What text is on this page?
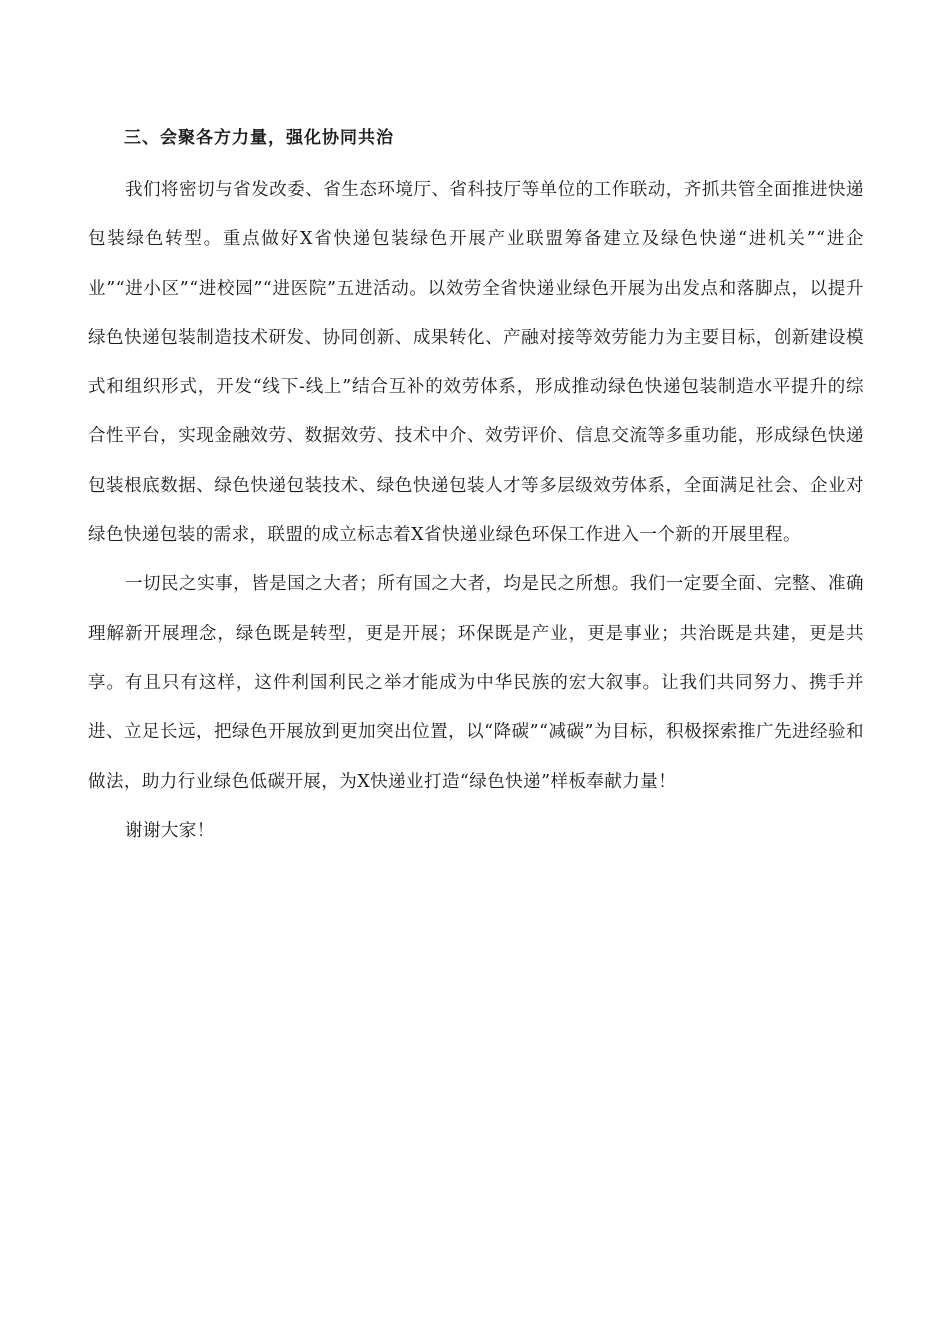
三、会聚各方力量，强化协同共治

我们将密切与省发改委、省生态环境厅、省科技厅等单位的工作联动，齐抓共管全面推进快递包装绿色转型。重点做好X省快递包装绿色开展产业联盟筹备建立及绿色快递“进机关”“进企业”“进小区”“进校园”“进医院”五进活动。以效劳全省快递业绿色开展为出发点和落脚点，以提升绿色快递包装制造技术研发、协同创新、成果转化、产融对接等效劳能力为主要目标，创新建设模式和组织形式，开发“线下-线上”结合互补的效劳体系，形成推动绿色快递包装制造水平提升的综合性平台，实现金融效劳、数据效劳、技术中介、效劳评价、信息交流等多重功能，形成绿色快递包装根底数据、绿色快递包装技术、绿色快递包装人才等多层级效劳体系，全面满足社会、企业对绿色快递包装的需求，联盟的成立标志着X省快递业绿色环保工作进入一个新的开展里程。

一切民之实事，皆是国之大者；所有国之大者，均是民之所想。我们一定要全面、完整、准确理解新开展理念，绿色既是转型，更是开展；环保既是产业，更是事业；共治既是共建，更是共享。有且只有这样，这件利国利民之举才能成为中华民族的宏大叙事。让我们共同努力、携手并进、立足长远，把绿色开展放到更加突出位置，以“降碳”“减碳”为目标，积极探索推广先进经验和做法，助力行业绿色低碳开展，为X快递业打造“绿色快递”样板奉献力量！

谢谢大家！
